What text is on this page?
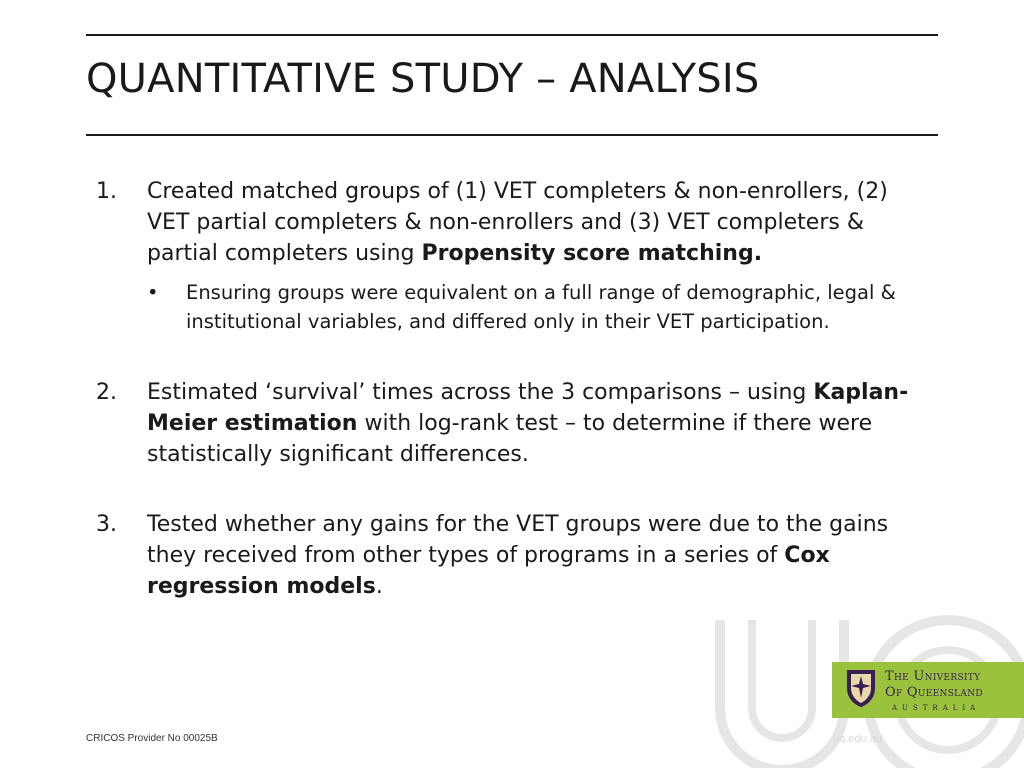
QUANTITATIVE STUDY – ANALYSIS
1. Created matched groups of (1) VET completers & non-enrollers, (2) VET partial completers & non-enrollers and (3) VET completers & partial completers using Propensity score matching.
• Ensuring groups were equivalent on a full range of demographic, legal & institutional variables, and differed only in their VET participation.
2. Estimated ‘survival’ times across the 3 comparisons – using Kaplan-Meier estimation with log-rank test – to determine if there were statistically significant differences.
3. Tested whether any gains for the VET groups were due to the gains they received from other types of programs in a series of Cox regression models.
The University
Of Queensland
AUSTRALIA
CRICOS Provider No 00025B	uq.edu.au
